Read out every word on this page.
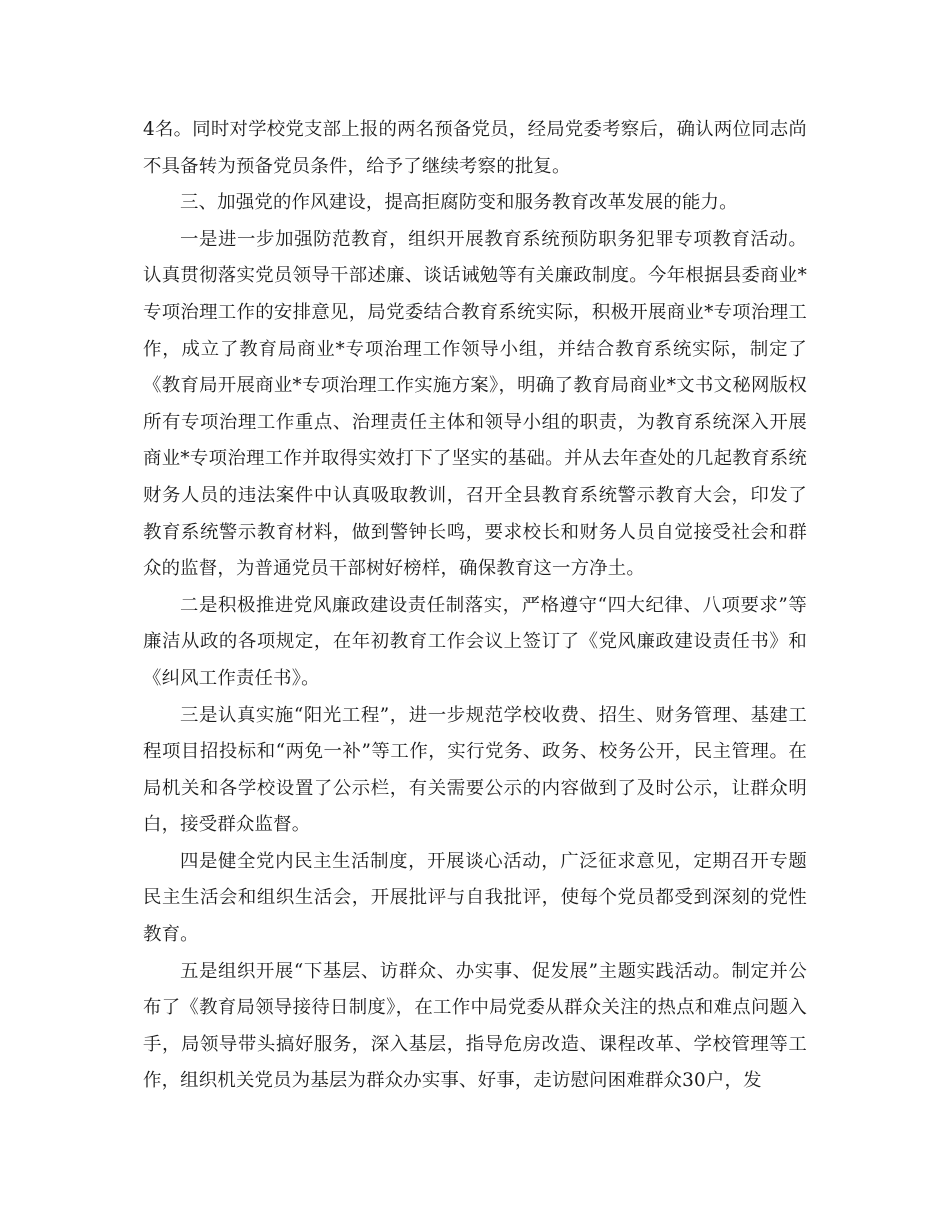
4名。同时对学校党支部上报的两名预备党员，经局党委考察后，确认两位同志尚不具备转为预备党员条件，给予了继续考察的批复。

三、加强党的作风建设，提高拒腐防变和服务教育改革发展的能力。

一是进一步加强防范教育，组织开展教育系统预防职务犯罪专项教育活动。认真贯彻落实党员领导干部述廉、谈话诫勉等有关廉政制度。今年根据县委商业*专项治理工作的安排意见，局党委结合教育系统实际，积极开展商业*专项治理工作，成立了教育局商业*专项治理工作领导小组，并结合教育系统实际，制定了《教育局开展商业*专项治理工作实施方案》，明确了教育局商业*文书文秘网版权所有专项治理工作重点、治理责任主体和领导小组的职责，为教育系统深入开展商业*专项治理工作并取得实效打下了坚实的基础。并从去年查处的几起教育系统财务人员的违法案件中认真吸取教训，召开全县教育系统警示教育大会，印发了教育系统警示教育材料，做到警钟长鸣，要求校长和财务人员自觉接受社会和群众的监督，为普通党员干部树好榜样，确保教育这一方净土。

二是积极推进党风廉政建设责任制落实，严格遵守“四大纪律、八项要求”等廉洁从政的各项规定，在年初教育工作会议上签订了《党风廉政建设责任书》和《纠风工作责任书》。

三是认真实施“阳光工程”，进一步规范学校收费、招生、财务管理、基建工程项目招投标和“两免一补”等工作，实行党务、政务、校务公开，民主管理。在局机关和各学校设置了公示栏，有关需要公示的内容做到了及时公示，让群众明白，接受群众监督。

四是健全党内民主生活制度，开展谈心活动，广泛征求意见，定期召开专题民主生活会和组织生活会，开展批评与自我批评，使每个党员都受到深刻的党性教育。

五是组织开展“下基层、访群众、办实事、促发展”主题实践活动。制定并公布了《教育局领导接待日制度》，在工作中局党委从群众关注的热点和难点问题入手，局领导带头搞好服务，深入基层，指导危房改造、课程改革、学校管理等工作，组织机关党员为基层为群众办实事、好事，走访慰问困难群众30户，发
